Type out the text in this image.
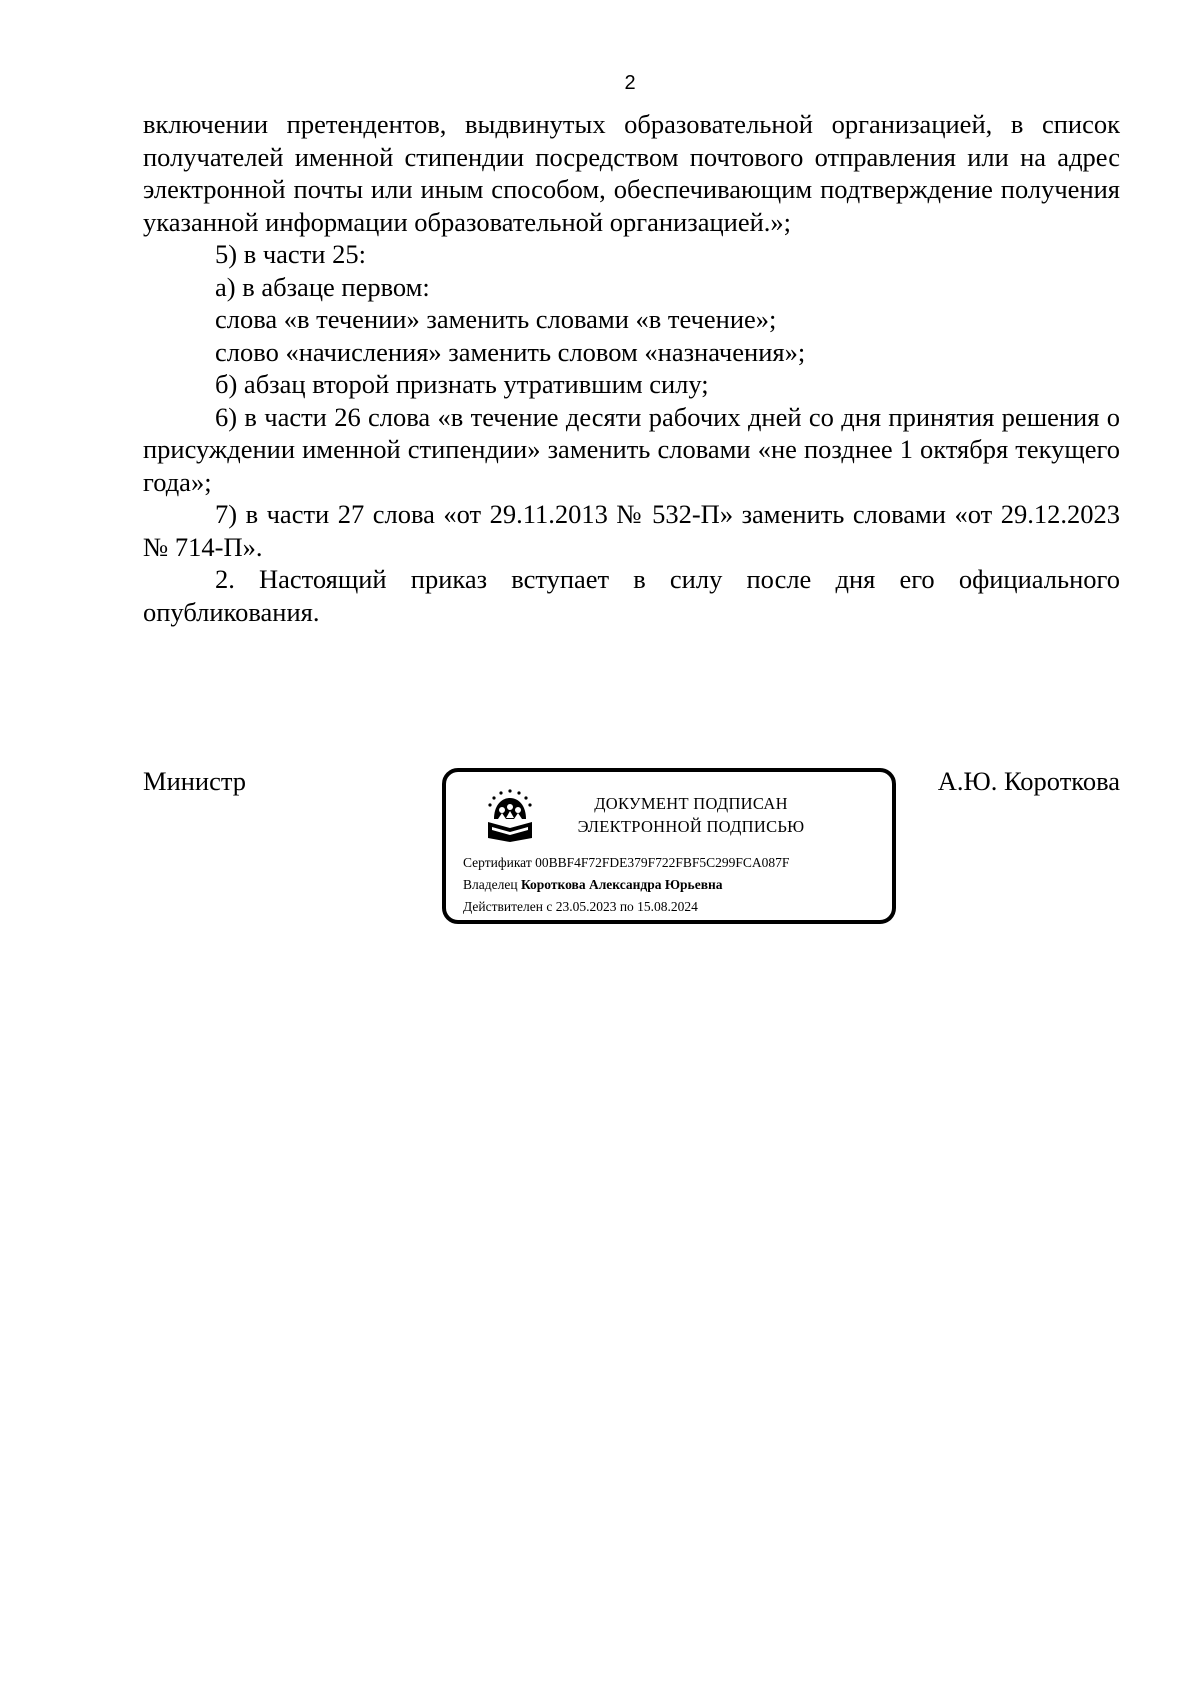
2

включении претендентов, выдвинутых образовательной организацией, в список получателей именной стипендии посредством почтового отправления или на адрес электронной почты или иным способом, обеспечивающим подтверждение получения указанной информации образовательной организацией.»;

5) в части 25:

а) в абзаце первом:

слова «в течении» заменить словами «в течение»;

слово «начисления» заменить словом «назначения»;

б) абзац второй признать утратившим силу;

6) в части 26 слова «в течение десяти рабочих дней со дня принятия решения о присуждении именной стипендии» заменить словами «не позднее 1 октября текущего года»;

7) в части 27 слова «от 29.11.2013 № 532-П» заменить словами «от 29.12.2023 № 714-П».

2. Настоящий приказ вступает в силу после дня его официального опубликования.

Министр
ДОКУМЕНТ ПОДПИСАН
ЭЛЕКТРОННОЙ ПОДПИСЬЮ
Сертификат 00BBF4F72FDE379F722FBF5C299FCA087F
Владелец Короткова Александра Юрьевна
Действителен с 23.05.2023 по 15.08.2024
А.Ю. Короткова
